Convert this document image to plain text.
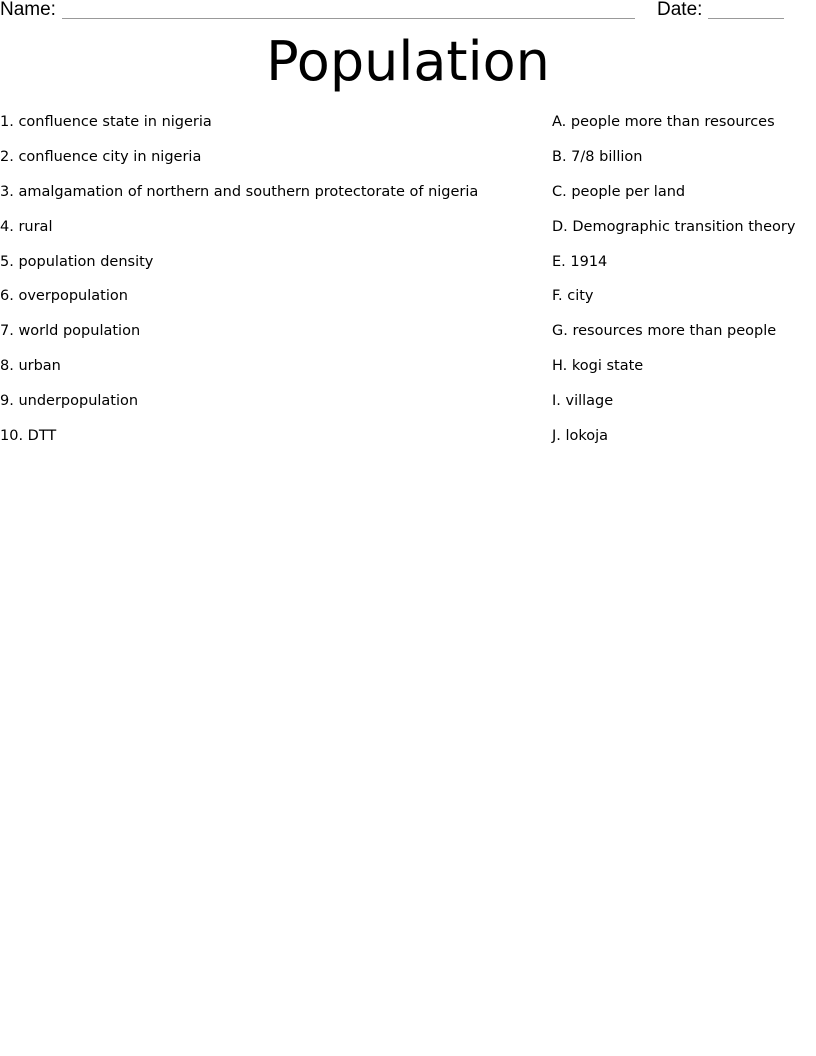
Name:	Date:
Population
1. confluence state in nigeria
2. confluence city in nigeria
3. amalgamation of northern and southern protectorate of nigeria
4. rural
5. population density
6. overpopulation
7. world population
8. urban
9. underpopulation
10. DTT
A. people more than resources
B. 7/8 billion
C. people per land
D. Demographic transition theory
E. 1914
F. city
G. resources more than people
H. kogi state
I. village
J. lokoja
